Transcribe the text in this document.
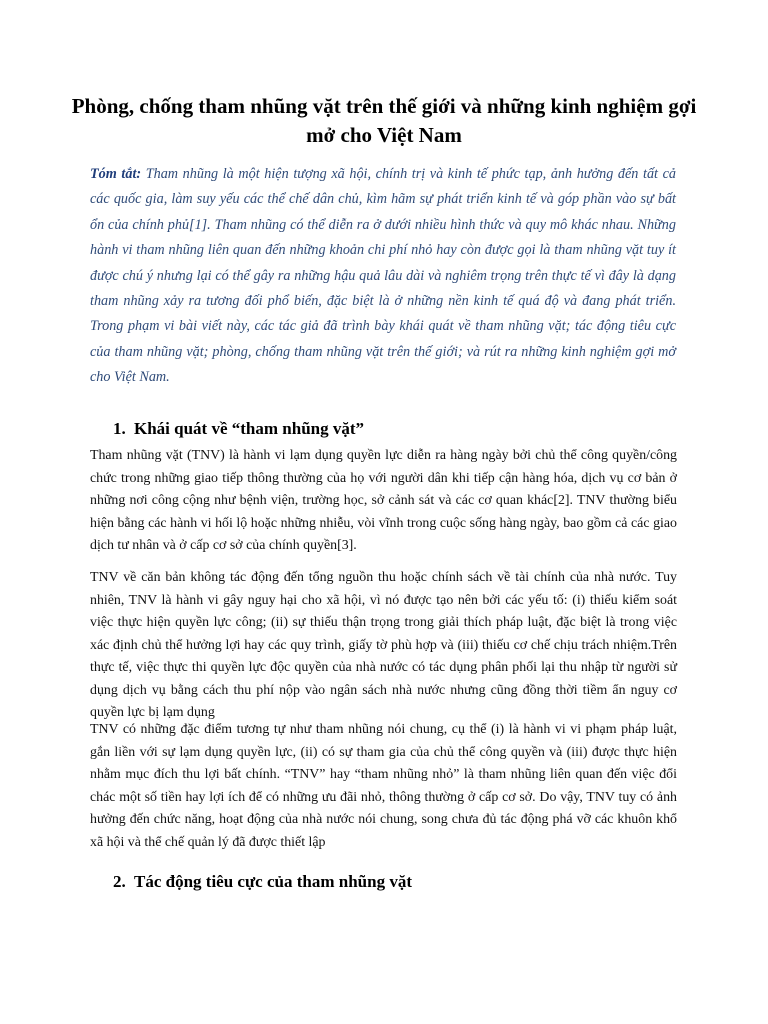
Phòng, chống tham nhũng vặt trên thế giới và những kinh nghiệm gợi mở cho Việt Nam

Tóm tắt: Tham nhũng là một hiện tượng xã hội, chính trị và kinh tế phức tạp, ảnh hưởng đến tất cả các quốc gia, làm suy yếu các thể chế dân chủ, kìm hãm sự phát triển kinh tế và góp phần vào sự bất ổn của chính phủ[1]. Tham nhũng có thể diễn ra ở dưới nhiều hình thức và quy mô khác nhau. Những hành vi tham nhũng liên quan đến những khoản chi phí nhỏ hay còn được gọi là tham nhũng vặt tuy ít được chú ý nhưng lại có thể gây ra những hậu quả lâu dài và nghiêm trọng trên thực tế vì đây là dạng tham nhũng xảy ra tương đối phổ biến, đặc biệt là ở những nền kinh tế quá độ và đang phát triển. Trong phạm vi bài viết này, các tác giả đã trình bày khái quát về tham nhũng vặt; tác động tiêu cực của tham nhũng vặt; phòng, chống tham nhũng vặt trên thế giới; và rút ra những kinh nghiệm gợi mở cho Việt Nam.

1. Khái quát về “tham nhũng vặt”

Tham nhũng vặt (TNV) là hành vi lạm dụng quyền lực diễn ra hàng ngày bởi chủ thể công quyền/công chức trong những giao tiếp thông thường của họ với người dân khi tiếp cận hàng hóa, dịch vụ cơ bản ở những nơi công cộng như bệnh viện, trường học, sở cảnh sát và các cơ quan khác[2]. TNV thường biểu hiện bằng các hành vi hối lộ hoặc những nhiễu, vòi vĩnh trong cuộc sống hàng ngày, bao gồm cả các giao dịch tư nhân và ở cấp cơ sở của chính quyền[3].

TNV về căn bản không tác động đến tổng nguồn thu hoặc chính sách về tài chính của nhà nước. Tuy nhiên, TNV là hành vi gây nguy hại cho xã hội, vì nó được tạo nên bởi các yếu tố: (i) thiếu kiểm soát việc thực hiện quyền lực công; (ii) sự thiếu thận trọng trong giải thích pháp luật, đặc biệt là trong việc xác định chủ thể hưởng lợi hay các quy trình, giấy tờ phù hợp và (iii) thiếu cơ chế chịu trách nhiệm.Trên thực tế, việc thực thi quyền lực độc quyền của nhà nước có tác dụng phân phối lại thu nhập từ người sử dụng dịch vụ bằng cách thu phí nộp vào ngân sách nhà nước nhưng cũng đồng thời tiềm ẩn nguy cơ quyền lực bị lạm dụng

TNV có những đặc điểm tương tự như tham nhũng nói chung, cụ thể (i) là hành vi vi phạm pháp luật, gắn liền với sự lạm dụng quyền lực, (ii) có sự tham gia của chủ thể công quyền và (iii) được thực hiện nhằm mục đích thu lợi bất chính. “TNV” hay “tham nhũng nhỏ” là tham nhũng liên quan đến việc đổi chác một số tiền hay lợi ích để có những ưu đãi nhỏ, thông thường ở cấp cơ sở. Do vậy, TNV tuy có ảnh hưởng đến chức năng, hoạt động của nhà nước nói chung, song chưa đủ tác động phá vỡ các khuôn khổ xã hội và thể chế quản lý đã được thiết lập

2. Tác động tiêu cực của tham nhũng vặt
